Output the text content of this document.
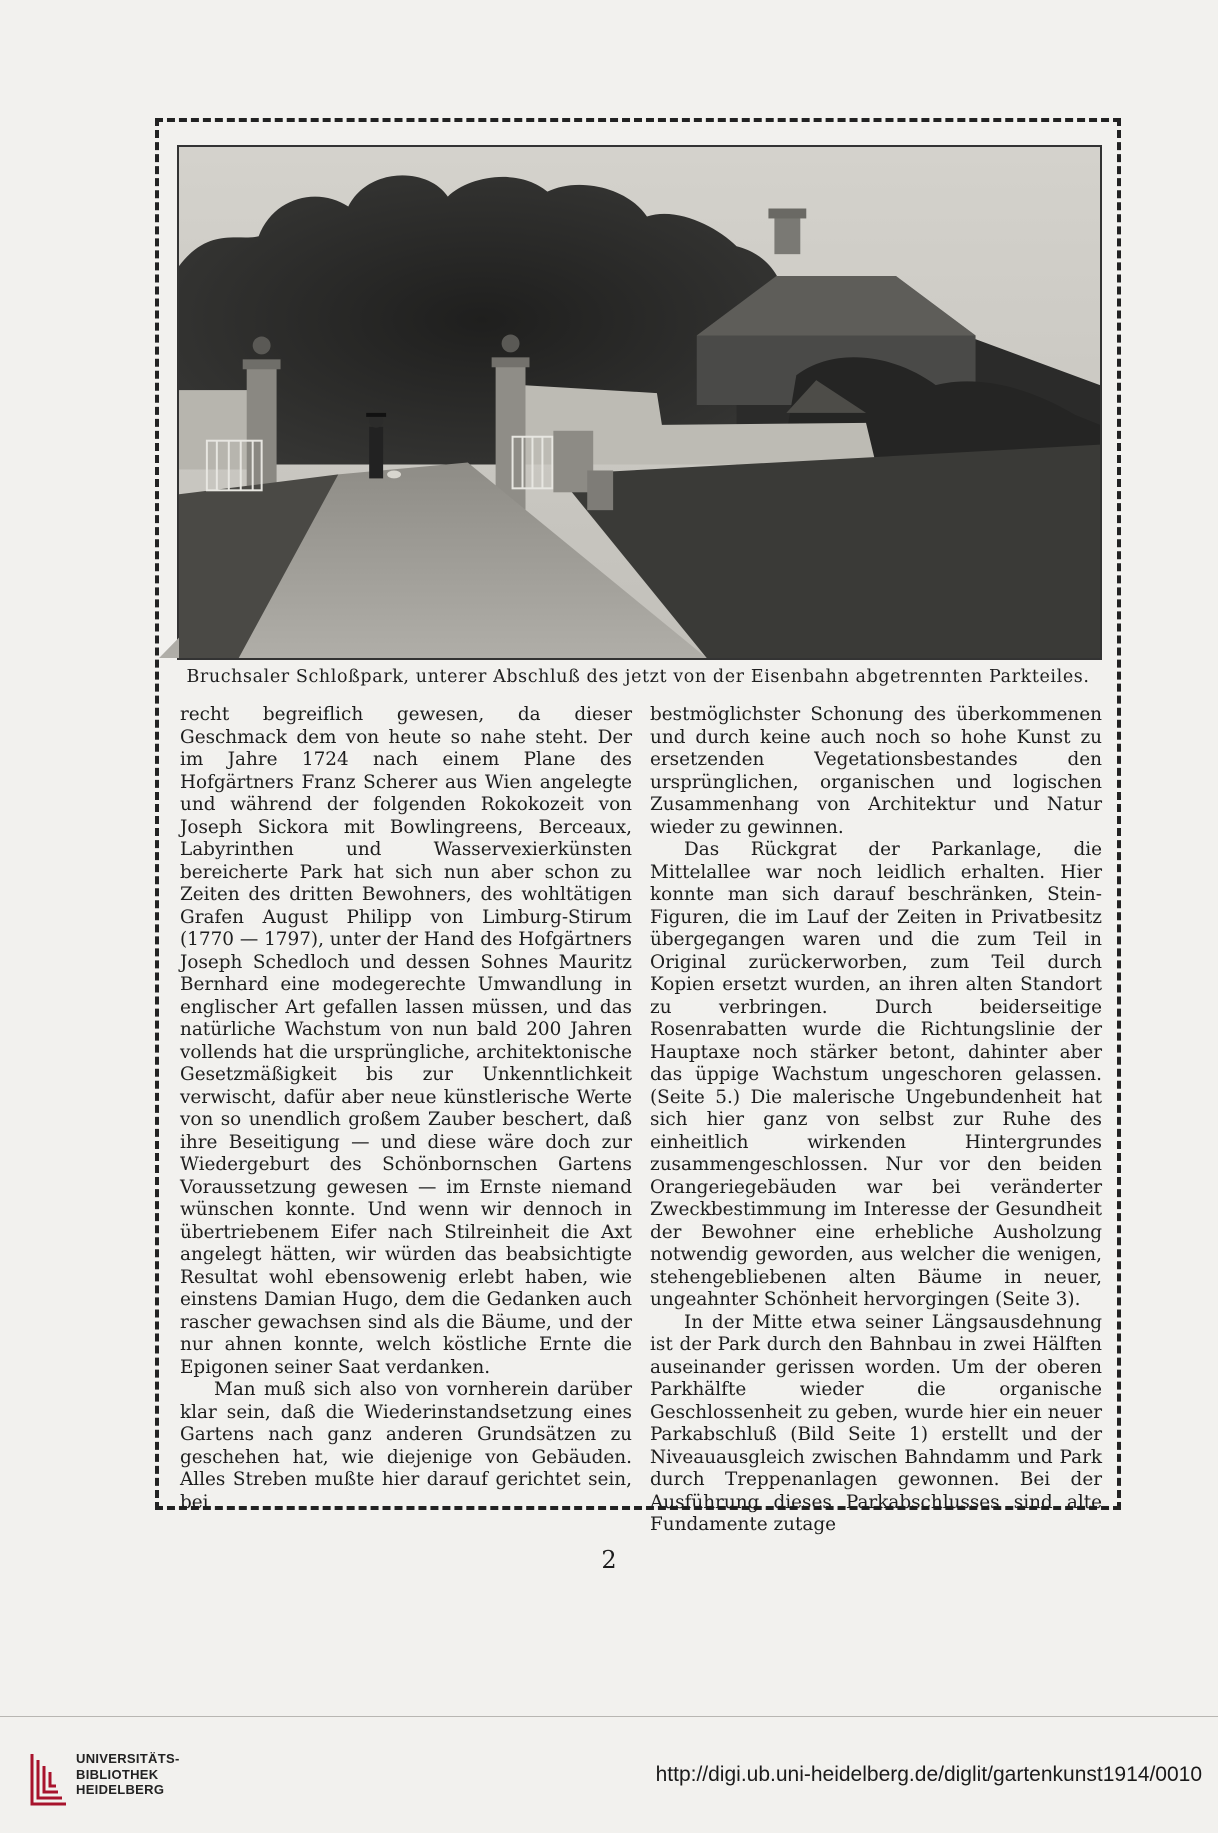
Bruchsaler Schloßpark, unterer Abschluß des jetzt von der Eisenbahn abgetrennten Parkteiles.

recht begreiflich gewesen, da dieser Geschmack dem von heute so nahe steht. Der im Jahre 1724 nach einem Plane des Hofgärtners Franz Scherer aus Wien angelegte und während der folgenden Rokokozeit von Joseph Sickora mit Bowlingreens, Berceaux, Labyrinthen und Wasservexierkünsten bereicherte Park hat sich nun aber schon zu Zeiten des dritten Bewohners, des wohltätigen Grafen August Philipp von Limburg-Stirum (1770 — 1797), unter der Hand des Hofgärtners Joseph Schedloch und dessen Sohnes Mauritz Bernhard eine modegerechte Umwandlung in englischer Art gefallen lassen müssen, und das natürliche Wachstum von nun bald 200 Jahren vollends hat die ursprüngliche, architektonische Gesetzmäßigkeit bis zur Unkenntlichkeit verwischt, dafür aber neue künstlerische Werte von so unendlich großem Zauber beschert, daß ihre Beseitigung — und diese wäre doch zur Wiedergeburt des Schönbornschen Gartens Voraussetzung gewesen — im Ernste niemand wünschen konnte. Und wenn wir dennoch in übertriebenem Eifer nach Stilreinheit die Axt angelegt hätten, wir würden das beabsichtigte Resultat wohl ebensowenig erlebt haben, wie einstens Damian Hugo, dem die Gedanken auch rascher gewachsen sind als die Bäume, und der nur ahnen konnte, welch köstliche Ernte die Epigonen seiner Saat verdanken.

Man muß sich also von vornherein darüber klar sein, daß die Wiederinstandsetzung eines Gartens nach ganz anderen Grundsätzen zu geschehen hat, wie diejenige von Gebäuden. Alles Streben mußte hier darauf gerichtet sein, bei

bestmöglichster Schonung des überkommenen und durch keine auch noch so hohe Kunst zu ersetzenden Vegetationsbestandes den ursprünglichen, organischen und logischen Zusammenhang von Architektur und Natur wieder zu gewinnen.

Das Rückgrat der Parkanlage, die Mittelallee war noch leidlich erhalten. Hier konnte man sich darauf beschränken, Stein-Figuren, die im Lauf der Zeiten in Privatbesitz übergegangen waren und die zum Teil in Original zurückerworben, zum Teil durch Kopien ersetzt wurden, an ihren alten Standort zu verbringen. Durch beiderseitige Rosenrabatten wurde die Richtungslinie der Hauptaxe noch stärker betont, dahinter aber das üppige Wachstum ungeschoren gelassen. (Seite 5.) Die malerische Ungebundenheit hat sich hier ganz von selbst zur Ruhe des einheitlich wirkenden Hintergrundes zusammengeschlossen. Nur vor den beiden Orangeriegebäuden war bei veränderter Zweckbestimmung im Interesse der Gesundheit der Bewohner eine erhebliche Ausholzung notwendig geworden, aus welcher die wenigen, stehengebliebenen alten Bäume in neuer, ungeahnter Schönheit hervorgingen (Seite 3).

In der Mitte etwa seiner Längsausdehnung ist der Park durch den Bahnbau in zwei Hälften auseinander gerissen worden. Um der oberen Parkhälfte wieder die organische Geschlossenheit zu geben, wurde hier ein neuer Parkabschluß (Bild Seite 1) erstellt und der Niveauausgleich zwischen Bahndamm und Park durch Treppenanlagen gewonnen. Bei der Ausführung dieses Parkabschlusses sind alte Fundamente zutage

2
UNIVERSITÄTS-
BIBLIOTHEK
HEIDELBERG
http://digi.ub.uni-heidelberg.de/diglit/gartenkunst1914/0010
